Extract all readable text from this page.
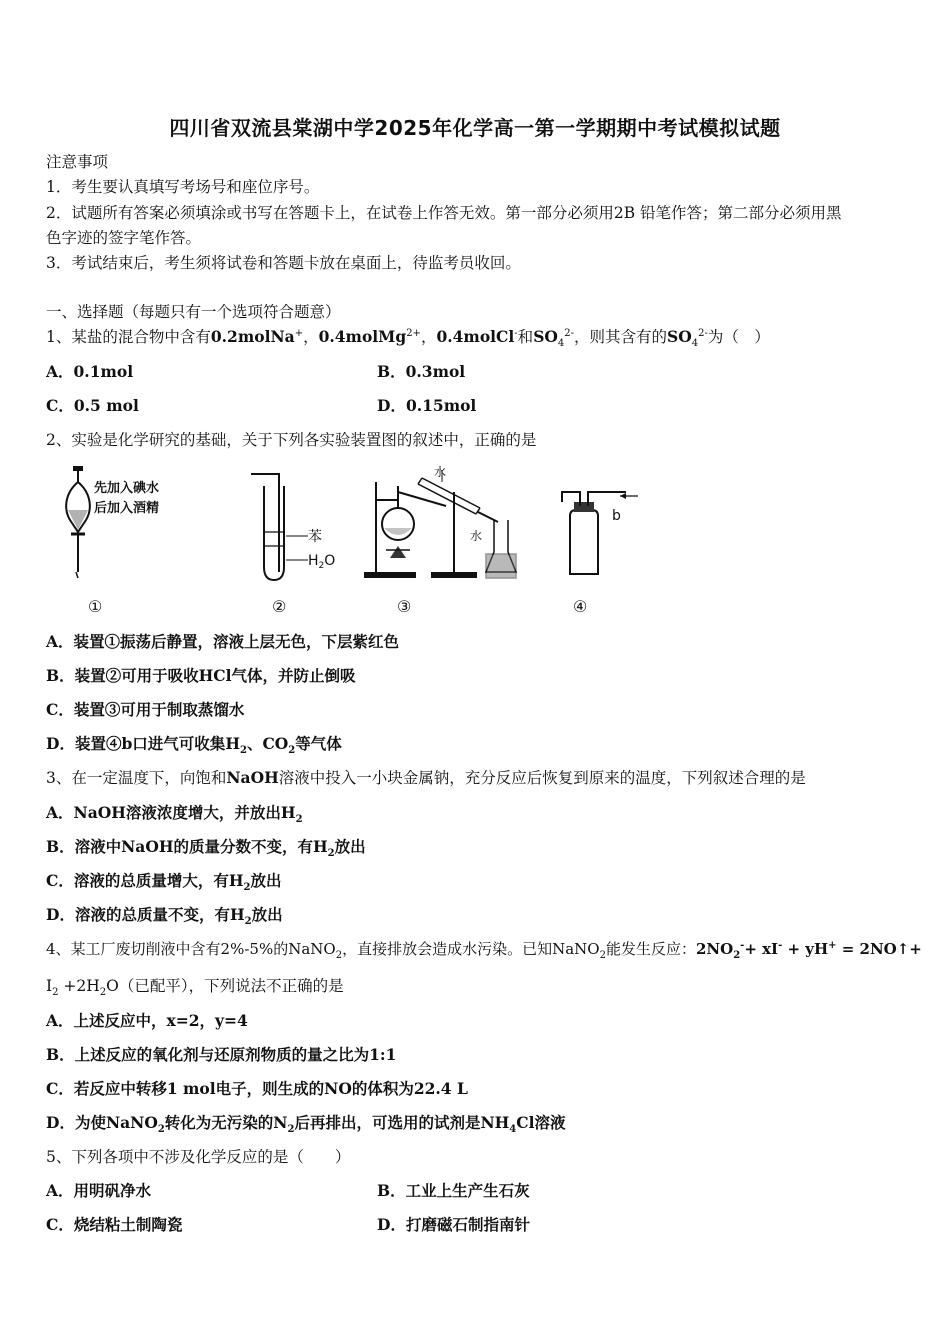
四川省双流县棠湖中学2025年化学高一第一学期期中考试模拟试题
注意事项
1．考生要认真填写考场号和座位序号。
2．试题所有答案必须填涂或书写在答题卡上，在试卷上作答无效。第一部分必须用2B 铅笔作答；第二部分必须用黑
色字迹的签字笔作答。
3．考试结束后，考生须将试卷和答题卡放在桌面上，待监考员收回。
一、选择题（每题只有一个选项符合题意）
1、某盐的混合物中含有0.2molNa+，0.4molMg$^{2+}$，0.4molCl-和$SO_4^{2-}$，则其含有的$SO_4^{2-}$为（　）
A．0.1mol	B．0.3mol
C．0.5 mol	D．0.15mol
2、实验是化学研究的基础，关于下列各实验装置图的叙述中，正确的是
先加入碘水
后加入酒精
苯
$H_2O$
水
水
b
①	②	③	④
A．装置①振荡后静置，溶液上层无色，下层紫红色
B．装置②可用于吸收HCl气体，并防止倒吸
C．装置③可用于制取蒸馏水
D．装置④b口进气可收集$H_2$、$CO_2$等气体
3、在一定温度下，向饱和NaOH溶液中投入一小块金属钠，充分反应后恢复到原来的温度，下列叙述合理的是
A．NaOH溶液浓度增大，并放出$H_2$
B．溶液中NaOH的质量分数不变，有$H_2$放出
C．溶液的总质量增大，有$H_2$放出
D．溶液的总质量不变，有$H_2$放出
4、某工厂废切削液中含有2%-5%的NaNO$_2$，直接排放会造成水污染。已知NaNO$_2$能发生反应：$2NO_2^-+ xI^- + yH^+$ = 2NO↑+
$I_2 +2H_2O$（已配平），下列说法不正确的是
A．上述反应中，x=2，y=4
B．上述反应的氧化剂与还原剂物质的量之比为1:1
C．若反应中转移1 mol电子，则生成的NO的体积为22.4 L
D．为使NaNO$_2$转化为无污染的$N_2$后再排出，可选用的试剂是$NH_4Cl$溶液
5、下列各项中不涉及化学反应的是（　　）
A．用明矾净水	B．工业上生产生石灰
C．烧结粘土制陶瓷	D．打磨磁石制指南针
